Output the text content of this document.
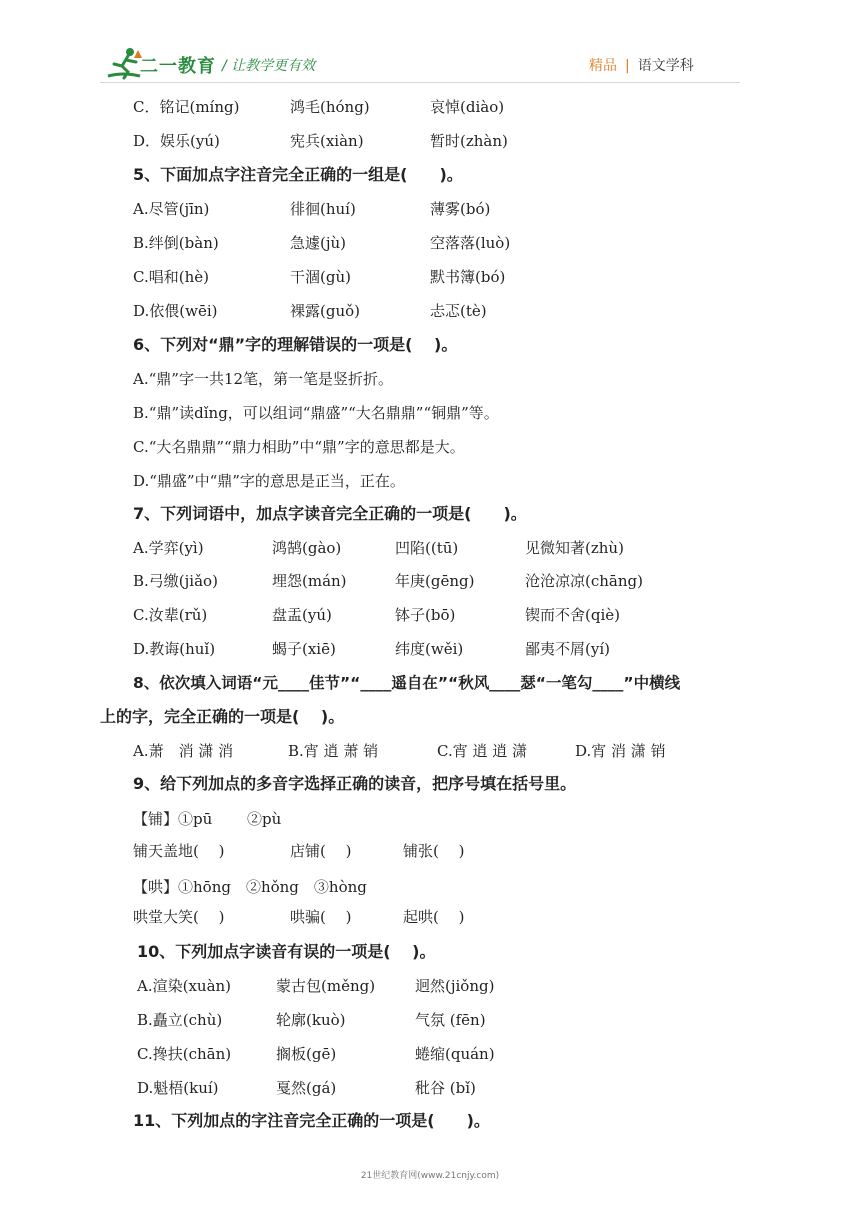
二一教育 / 让教学更有效	精品 | 语文学科
C．铭记(míng)	鸿毛(hóng)	哀悼(diào)
D．娱乐(yú)	宪兵(xiàn)	暂时(zhàn)
5、下面加点字注音完全正确的一组是(　　)。
A.尽管(jīn)	徘徊(huí)	薄雾(bó)
B.绊倒(bàn)	急遽(jù)	空落落(luò)
C.唱和(hè)	干涸(gù)	默书簿(bó)
D.依偎(wēi)	裸露(guǒ)	忐忑(tè)
6、下列对“鼎”字的理解错误的一项是(　 )。
A.“鼎”字一共12笔，第一笔是竖折折。
B.“鼎”读dǐng，可以组词“鼎盛”“大名鼎鼎”“铜鼎”等。
C.“大名鼎鼎”“鼎力相助”中“鼎”字的意思都是大。
D.“鼎盛”中“鼎”字的意思是正当，正在。
7、下列词语中，加点字读音完全正确的一项是(　　)。
A.学弈(yì)	鸿鹄(gào)	凹陷((tū)	见微知著(zhù)
B.弓缴(jiǎo)	埋怨(mán)	年庚(gēng)	沧沧凉凉(chāng)
C.汝辈(rǔ)	盘盂(yú)	钵子(bō)	锲而不舍(qiè)
D.教诲(huǐ)	蝎子(xiē)	纬度(wěi)	鄙夷不屑(yí)
8、依次填入词语“元____佳节”“____遥自在”“秋风____瑟“一笔勾____”中横线
上的字，完全正确的一项是(　 )。
A.萧　消 潇 消	B.宵 逍 萧 销	C.宵 逍 逍 潇	D.宵 消 潇 销
9、给下列加点的多音字选择正确的读音，把序号填在括号里。
【铺】①pū　　 ②pù
铺天盖地(　 )	店铺(　 )	铺张(　 )
【哄】①hōng　②hǒng　③hòng
哄堂大笑(　 )	哄骗(　 )	起哄(　 )
10、下列加点字读音有误的一项是(　 )。
A.渲染(xuàn)	蒙古包(měng)	迥然(jiǒng)
B.矗立(chù)	轮廓(kuò)	气氛 (fēn)
C.搀扶(chān)	搁板(gē)	蜷缩(quán)
D.魁梧(kuí)	戛然(gá)	秕谷 (bǐ)
11、下列加点的字注音完全正确的一项是(　　)。
21世纪教育网(www.21cnjy.com)
